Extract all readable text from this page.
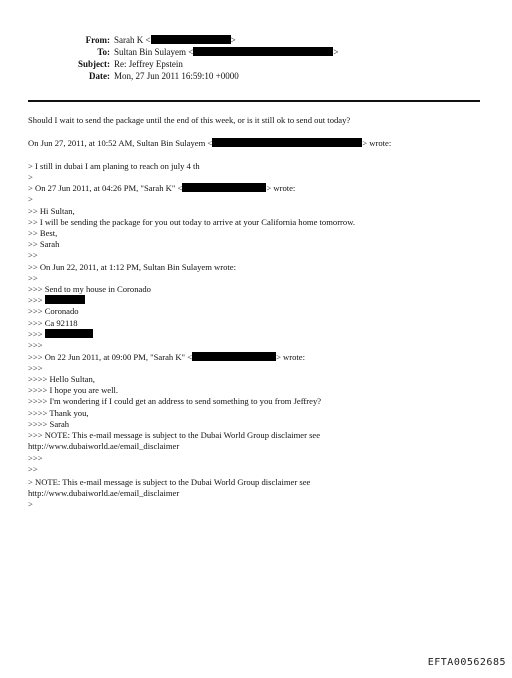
From: Sarah K <	>
To: Sultan Bin Sulayem <	>
Subject: Re: Jeffrey Epstein
Date: Mon, 27 Jun 2011 16:59:10 +0000
Should I wait to send the package until the end of this week, or is it still ok to send out today?
On Jun 27, 2011, at 10:52 AM, Sultan Bin Sulayem <	> wrote:
> I still in dubai I am planing to reach on july 4 th
>
> On 27 Jun 2011, at 04:26 PM, "Sarah K" <	> wrote:
>
>> Hi Sultan,
>> I will be sending the package for you out today to arrive at your California home tomorrow.
>> Best,
>> Sarah
>>
>> On Jun 22, 2011, at 1:12 PM, Sultan Bin Sulayem wrote:
>>
>>> Send to my house in Coronado
>>>
>>> Coronado
>>> Ca 92118
>>>
>>>
>>> On 22 Jun 2011, at 09:00 PM, "Sarah K" <	> wrote:
>>>
>>>> Hello Sultan,
>>>> I hope you are well.
>>>> I'm wondering if I could get an address to send something to you from Jeffrey?
>>>> Thank you,
>>>> Sarah
>>> NOTE: This e-mail message is subject to the Dubai World Group disclaimer see
http://www.dubaiworld.ae/email_disclaimer
>>>
>>
> NOTE: This e-mail message is subject to the Dubai World Group disclaimer see
http://www.dubaiworld.ae/email_disclaimer
>
EFTA00562685
